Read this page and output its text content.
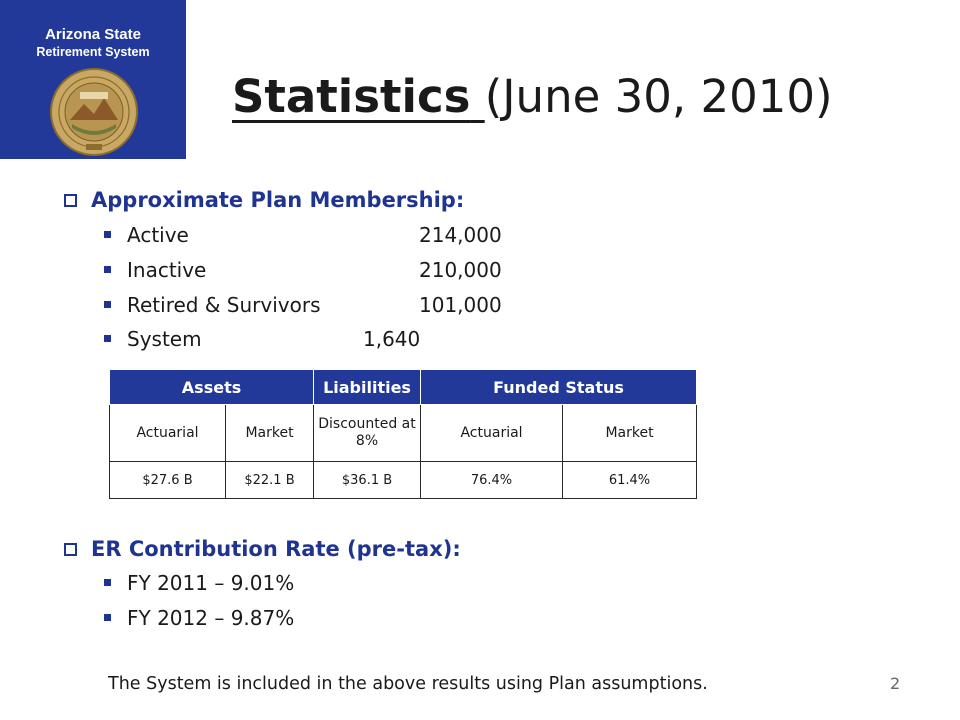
Arizona State
Retirement System
Statistics (June 30, 2010)
Approximate Plan Membership:
Active	214,000
Inactive	210,000
Retired & Survivors	101,000
System	1,640
Assets		Liabilities	Funded Status	
Actuarial	Market	Discounted at 8%	Actuarial	Market
$27.6 B	$22.1 B	$36.1 B	76.4%	61.4%
ER Contribution Rate (pre-tax):
FY 2011 – 9.01%
FY 2012 – 9.87%
The System is included in the above results using Plan assumptions.	2
